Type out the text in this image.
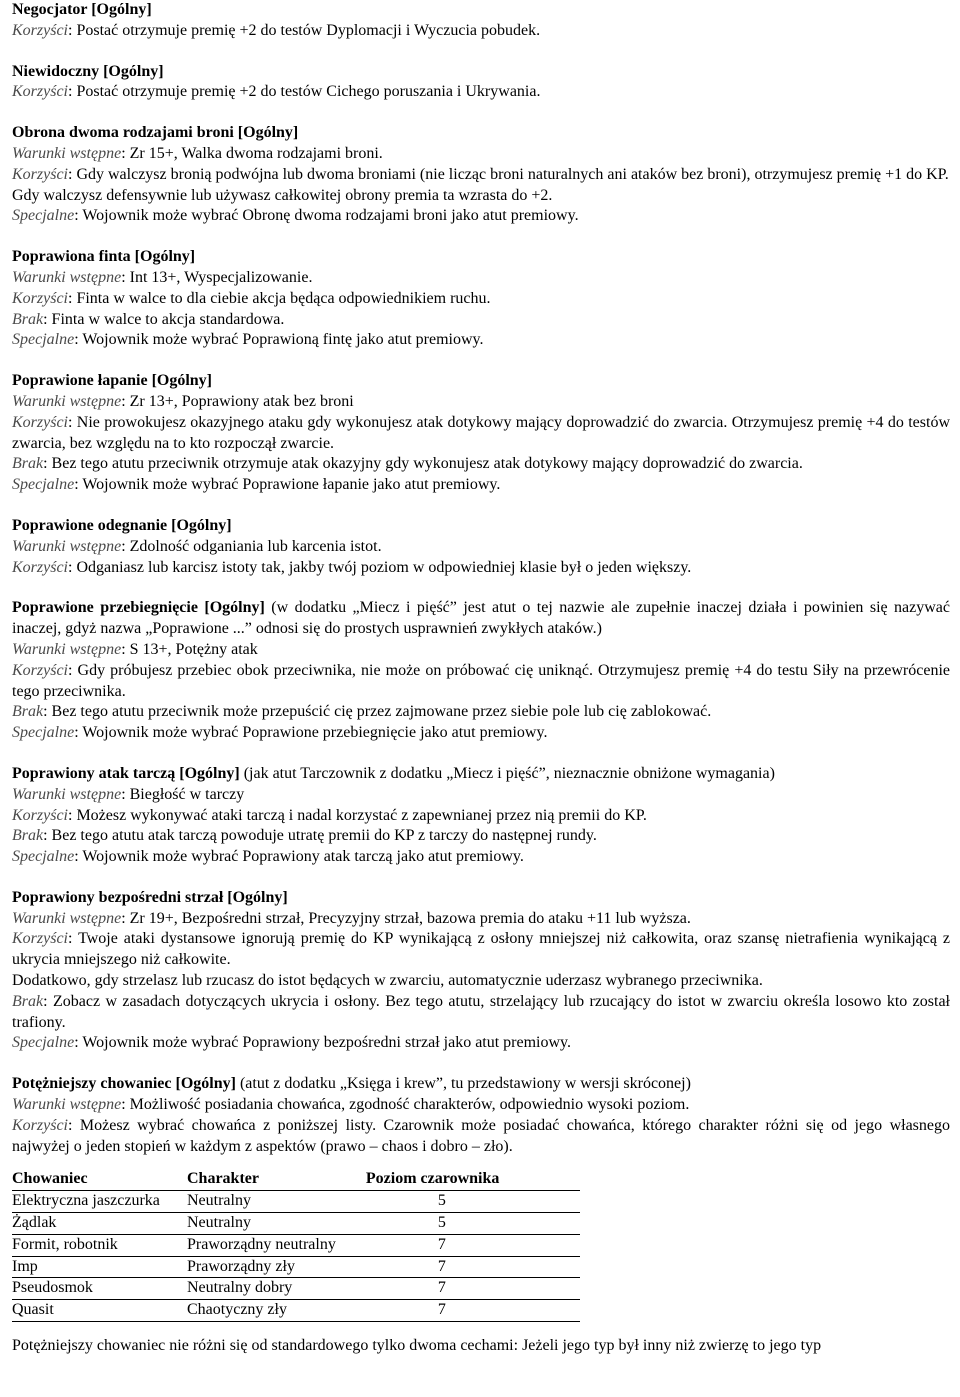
Negocjator [Ogólny]

Korzyści: Postać otrzymuje premię +2 do testów Dyplomacji i Wyczucia pobudek.

Niewidoczny [Ogólny]

Korzyści: Postać otrzymuje premię +2 do testów Cichego poruszania i Ukrywania.

Obrona dwoma rodzajami broni [Ogólny]

Warunki wstępne: Zr 15+, Walka dwoma rodzajami broni.

Korzyści: Gdy walczysz bronią podwójna lub dwoma broniami (nie licząc broni naturalnych ani ataków bez broni), otrzymujesz premię +1 do KP.

Gdy walczysz defensywnie lub używasz całkowitej obrony premia ta wzrasta do +2.

Specjalne: Wojownik może wybrać Obronę dwoma rodzajami broni jako atut premiowy.

Poprawiona finta [Ogólny]

Warunki wstępne: Int 13+, Wyspecjalizowanie.

Korzyści: Finta w walce to dla ciebie akcja będąca odpowiednikiem ruchu.

Brak: Finta w walce to akcja standardowa.

Specjalne: Wojownik może wybrać Poprawioną fintę jako atut premiowy.

Poprawione łapanie [Ogólny]

Warunki wstępne: Zr 13+, Poprawiony atak bez broni

Korzyści: Nie prowokujesz okazyjnego ataku gdy wykonujesz atak dotykowy mający doprowadzić do zwarcia. Otrzymujesz premię +4 do testów zwarcia, bez względu na to kto rozpoczął zwarcie.

Brak: Bez tego atutu przeciwnik otrzymuje atak okazyjny gdy wykonujesz atak dotykowy mający doprowadzić do zwarcia.

Specjalne: Wojownik może wybrać Poprawione łapanie jako atut premiowy.

Poprawione odegnanie [Ogólny]

Warunki wstępne: Zdolność odganiania lub karcenia istot.

Korzyści: Odganiasz lub karcisz istoty tak, jakby twój poziom w odpowiedniej klasie był o jeden większy.

Poprawione przebiegnięcie [Ogólny] (w dodatku „Miecz i pięść” jest atut o tej nazwie ale zupełnie inaczej działa i powinien się nazywać inaczej, gdyż nazwa „Poprawione ...” odnosi się do prostych usprawnień zwykłych ataków.)

Warunki wstępne: S 13+, Potężny atak

Korzyści: Gdy próbujesz przebiec obok przeciwnika, nie może on próbować cię uniknąć. Otrzymujesz premię +4 do testu Siły na przewrócenie tego przeciwnika.

Brak: Bez tego atutu przeciwnik może przepuścić cię przez zajmowane przez siebie pole lub cię zablokować.

Specjalne: Wojownik może wybrać Poprawione przebiegnięcie jako atut premiowy.

Poprawiony atak tarczą [Ogólny] (jak atut Tarczownik z dodatku „Miecz i pięść”, nieznacznie obniżone wymagania)

Warunki wstępne: Biegłość w tarczy

Korzyści: Możesz wykonywać ataki tarczą i nadal korzystać z zapewnianej przez nią premii do KP.

Brak: Bez tego atutu atak tarczą powoduje utratę premii do KP z tarczy do następnej rundy.

Specjalne: Wojownik może wybrać Poprawiony atak tarczą jako atut premiowy.

Poprawiony bezpośredni strzał [Ogólny]

Warunki wstępne: Zr 19+, Bezpośredni strzał, Precyzyjny strzał, bazowa premia do ataku +11 lub wyższa.

Korzyści: Twoje ataki dystansowe ignorują premię do KP wynikającą z osłony mniejszej niż całkowita, oraz szansę nietrafienia wynikającą z ukrycia mniejszego niż całkowite.

Dodatkowo, gdy strzelasz lub rzucasz do istot będących w zwarciu, automatycznie uderzasz wybranego przeciwnika.

Brak: Zobacz w zasadach dotyczących ukrycia i osłony. Bez tego atutu, strzelający lub rzucający do istot w zwarciu określa losowo kto został trafiony.

Specjalne: Wojownik może wybrać Poprawiony bezpośredni strzał jako atut premiowy.

Potężniejszy chowaniec [Ogólny] (atut z dodatku „Księga i krew”, tu przedstawiony w wersji skróconej)

Warunki wstępne: Możliwość posiadania chowańca, zgodność charakterów, odpowiednio wysoki poziom.

Korzyści: Możesz wybrać chowańca z poniższej listy. Czarownik może posiadać chowańca, którego charakter różni się od jego własnego najwyżej o jeden stopień w każdym z aspektów (prawo – chaos i dobro – zło).

Chowaniec	Charakter	Poziom czarownika
Elektryczna jaszczurka	Neutralny	5
Żądlak	Neutralny	5
Formit, robotnik	Praworządny neutralny	7
Imp	Praworządny zły	7
Pseudosmok	Neutralny dobry	7
Quasit	Chaotyczny zły	7
Potężniejszy chowaniec nie różni się od standardowego tylko dwoma cechami: Jeżeli jego typ był inny niż zwierzę to jego typ
